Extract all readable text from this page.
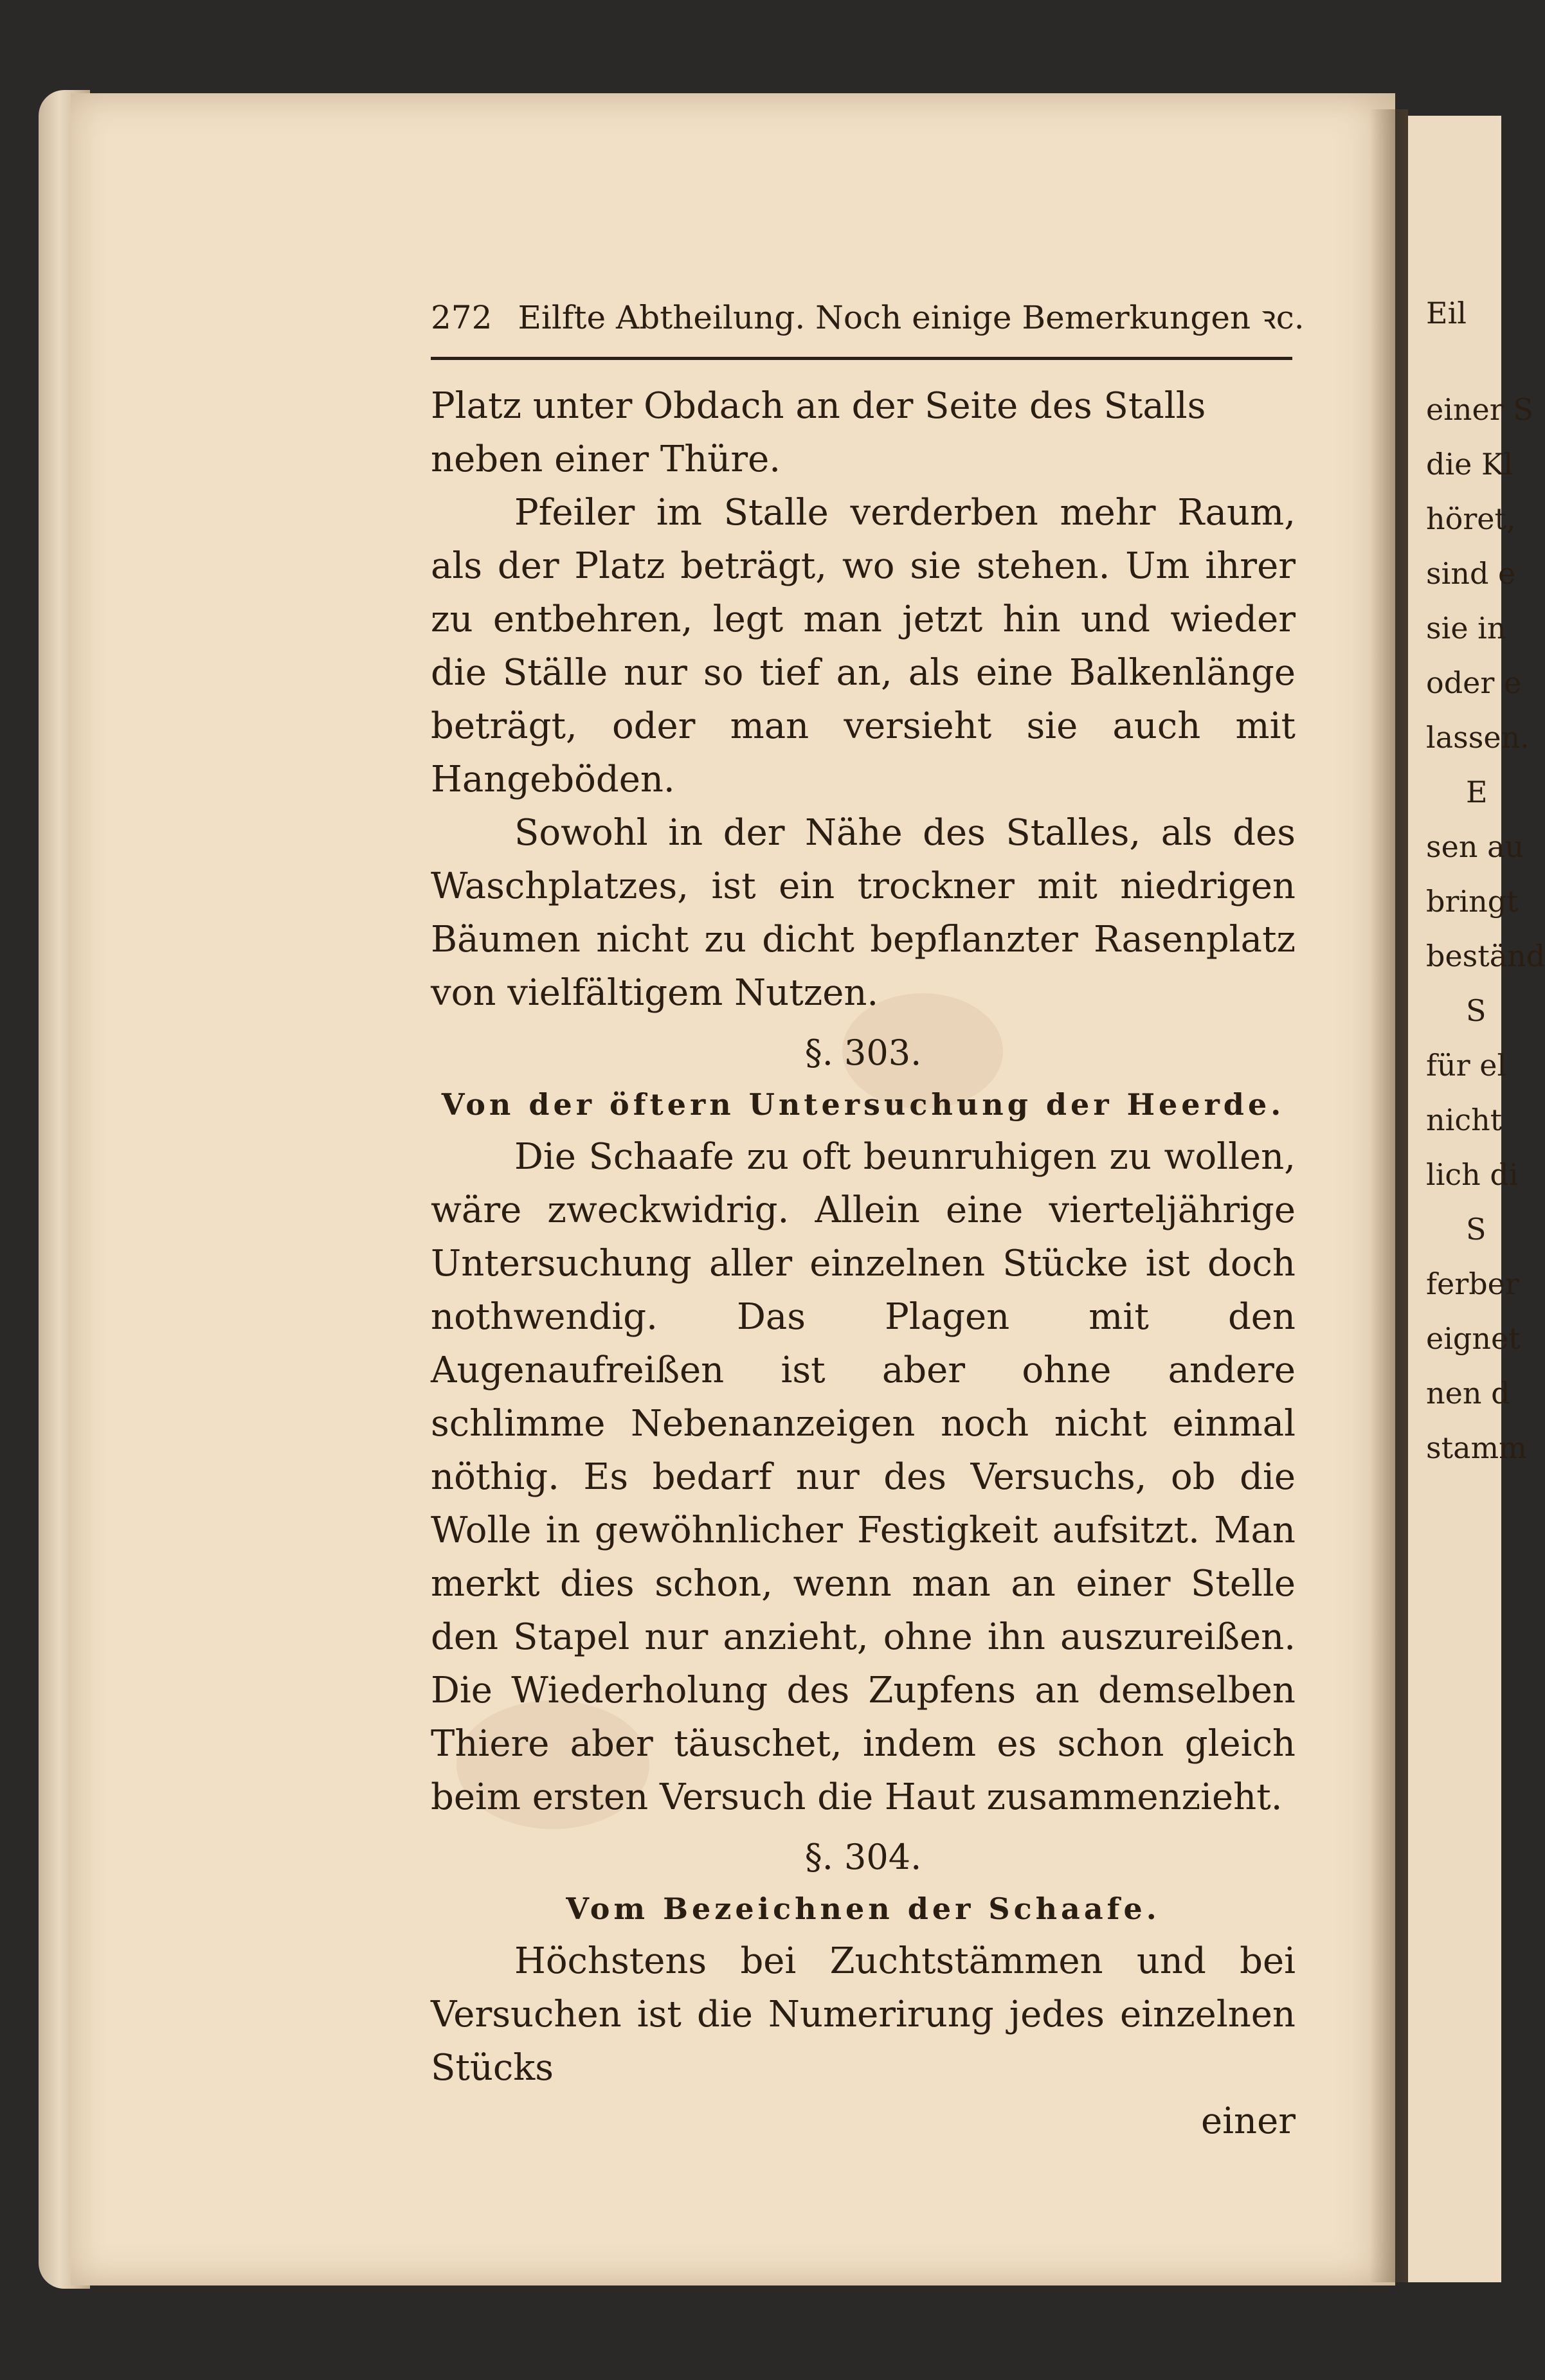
Eil
einer S
die Kl
höret,
sind e
sie in
oder e
lassen.
E
sen au
bringt
beständ
S
für el
nicht
lich di
S
ferber
eignet
nen d
stamm
272 Eilfte Abtheilung. Noch einige Bemerkungen ꝛc.

Platz unter Obdach an der Seite des Stalls neben einer Thüre.

Pfeiler im Stalle verderben mehr Raum, als der Platz beträgt, wo sie stehen. Um ihrer zu entbehren, legt man jetzt hin und wieder die Ställe nur so tief an, als eine Balkenlänge beträgt, oder man versieht sie auch mit Hangeböden.

Sowohl in der Nähe des Stalles, als des Waschplatzes, ist ein trockner mit niedrigen Bäumen nicht zu dicht bepflanzter Rasenplatz von vielfältigem Nutzen.

§. 303.
Von der öftern Untersuchung der Heerde.

Die Schaafe zu oft beunruhigen zu wollen, wäre zweckwidrig. Allein eine vierteljährige Untersuchung aller einzelnen Stücke ist doch nothwendig. Das Plagen mit den Augenaufreißen ist aber ohne andere schlimme Nebenanzeigen noch nicht einmal nöthig. Es bedarf nur des Versuchs, ob die Wolle in gewöhnlicher Festigkeit aufsitzt. Man merkt dies schon, wenn man an einer Stelle den Stapel nur anzieht, ohne ihn auszureißen. Die Wiederholung des Zupfens an demselben Thiere aber täuschet, indem es schon gleich beim ersten Versuch die Haut zusammenzieht.

§. 304.
Vom Bezeichnen der Schaafe.

Höchstens bei Zuchtstämmen und bei Versuchen ist die Numerirung jedes einzelnen Stücks

einer
